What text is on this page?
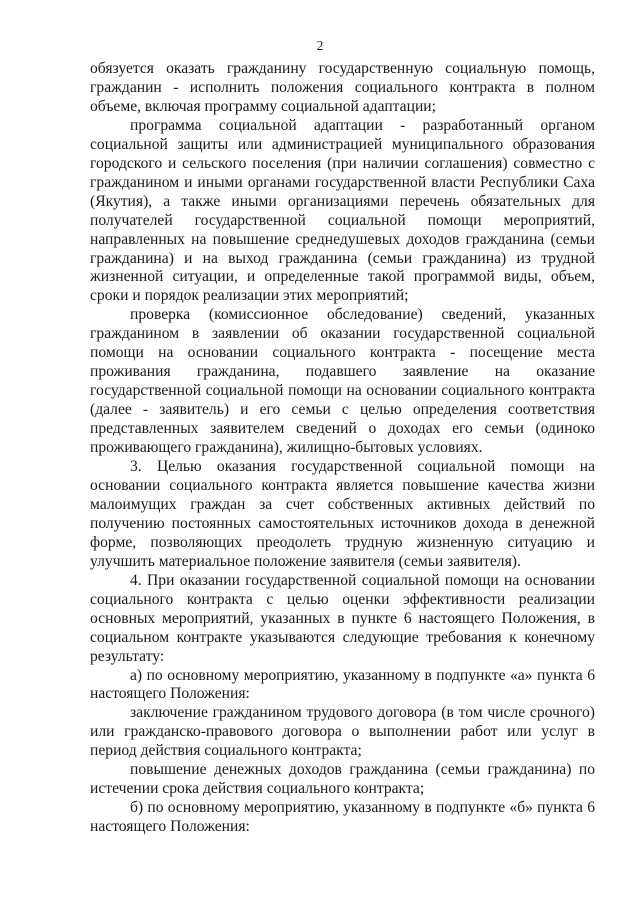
2

обязуется оказать гражданину государственную социальную помощь, гражданин - исполнить положения социального контракта в полном объеме, включая программу социальной адаптации;

программа социальной адаптации - разработанный органом социальной защиты или администрацией муниципального образования городского и сельского поселения (при наличии соглашения) совместно с гражданином и иными органами государственной власти Республики Саха (Якутия), а также иными организациями перечень обязательных для получателей государственной социальной помощи мероприятий, направленных на повышение среднедушевых доходов гражданина (семьи гражданина) и на выход гражданина (семьи гражданина) из трудной жизненной ситуации, и определенные такой программой виды, объем, сроки и порядок реализации этих мероприятий;

проверка (комиссионное обследование) сведений, указанных гражданином в заявлении об оказании государственной социальной помощи на основании социального контракта - посещение места проживания гражданина, подавшего заявление на оказание государственной социальной помощи на основании социального контракта (далее - заявитель) и его семьи с целью определения соответствия представленных заявителем сведений о доходах его семьи (одиноко проживающего гражданина), жилищно-бытовых условиях.

3. Целью оказания государственной социальной помощи на основании социального контракта является повышение качества жизни малоимущих граждан за счет собственных активных действий по получению постоянных самостоятельных источников дохода в денежной форме, позволяющих преодолеть трудную жизненную ситуацию и улучшить материальное положение заявителя (семьи заявителя).

4. При оказании государственной социальной помощи на основании социального контракта с целью оценки эффективности реализации основных мероприятий, указанных в пункте 6 настоящего Положения, в социальном контракте указываются следующие требования к конечному результату:

а) по основному мероприятию, указанному в подпункте «а» пункта 6 настоящего Положения:

заключение гражданином трудового договора (в том числе срочного) или гражданско-правового договора о выполнении работ или услуг в период действия социального контракта;

повышение денежных доходов гражданина (семьи гражданина) по истечении срока действия социального контракта;

б) по основному мероприятию, указанному в подпункте «б» пункта 6 настоящего Положения:
